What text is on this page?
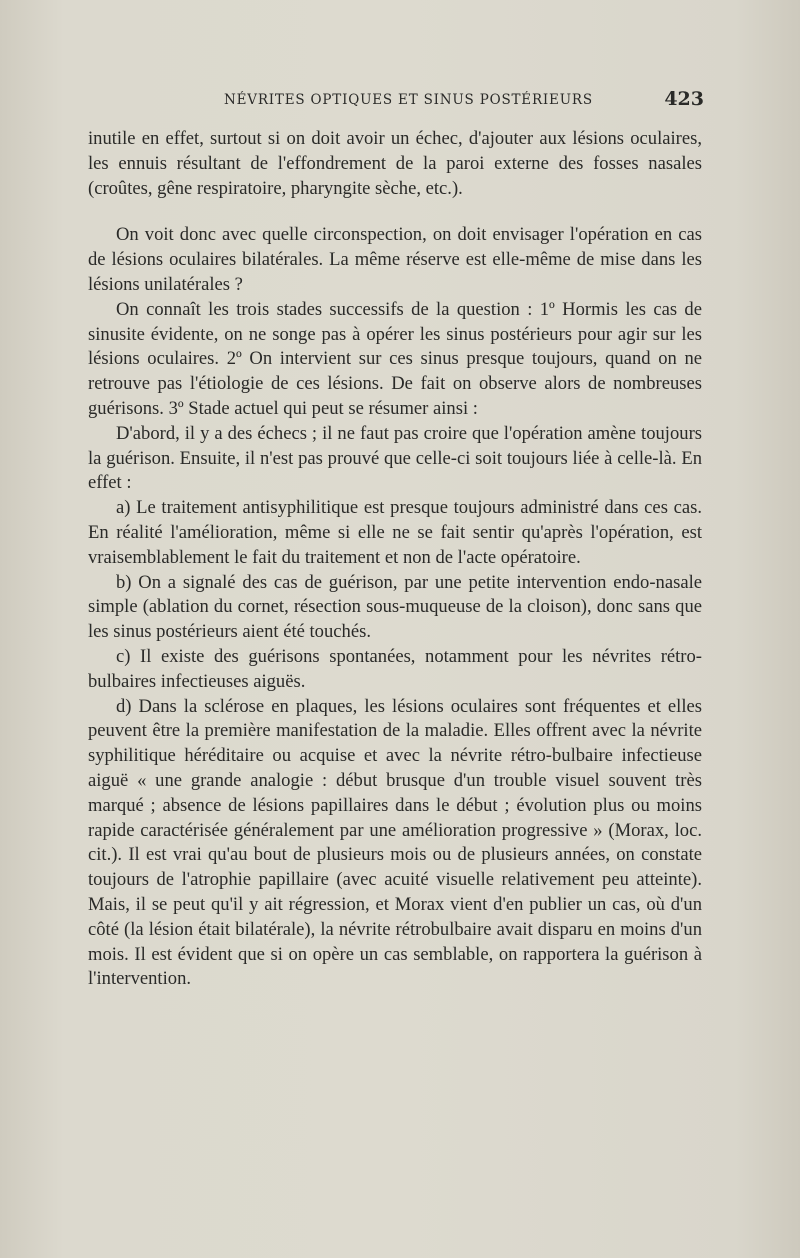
NÉVRITES OPTIQUES ET SINUS POSTÉRIEURS	423

inutile en effet, surtout si on doit avoir un échec, d'ajouter aux lésions oculaires, les ennuis résultant de l'effondrement de la paroi externe des fosses nasales (croûtes, gêne respiratoire, pharyngite sèche, etc.).

On voit donc avec quelle circonspection, on doit envisager l'opération en cas de lésions oculaires bilatérales. La même réserve est elle-même de mise dans les lésions unilatérales ?

On connaît les trois stades successifs de la question : 1º Hormis les cas de sinusite évidente, on ne songe pas à opérer les sinus postérieurs pour agir sur les lésions oculaires. 2º On intervient sur ces sinus presque toujours, quand on ne retrouve pas l'étiologie de ces lésions. De fait on observe alors de nombreuses guérisons. 3º Stade actuel qui peut se résumer ainsi :

D'abord, il y a des échecs ; il ne faut pas croire que l'opération amène toujours la guérison. Ensuite, il n'est pas prouvé que celle-ci soit toujours liée à celle-là. En effet :

a) Le traitement antisyphilitique est presque toujours administré dans ces cas. En réalité l'amélioration, même si elle ne se fait sentir qu'après l'opération, est vraisemblablement le fait du traitement et non de l'acte opératoire.

b) On a signalé des cas de guérison, par une petite intervention endo-nasale simple (ablation du cornet, résection sous-muqueuse de la cloison), donc sans que les sinus postérieurs aient été touchés.

c) Il existe des guérisons spontanées, notamment pour les névrites rétro-bulbaires infectieuses aiguës.

d) Dans la sclérose en plaques, les lésions oculaires sont fréquentes et elles peuvent être la première manifestation de la maladie. Elles offrent avec la névrite syphilitique héréditaire ou acquise et avec la névrite rétro-bulbaire infectieuse aiguë « une grande analogie : début brusque d'un trouble visuel souvent très marqué ; absence de lésions papillaires dans le début ; évolution plus ou moins rapide caractérisée généralement par une amélioration progressive » (Morax, loc. cit.). Il est vrai qu'au bout de plusieurs mois ou de plusieurs années, on constate toujours de l'atrophie papillaire (avec acuité visuelle relativement peu atteinte). Mais, il se peut qu'il y ait régression, et Morax vient d'en publier un cas, où d'un côté (la lésion était bilatérale), la névrite rétrobulbaire avait disparu en moins d'un mois. Il est évident que si on opère un cas semblable, on rapportera la guérison à l'intervention.
